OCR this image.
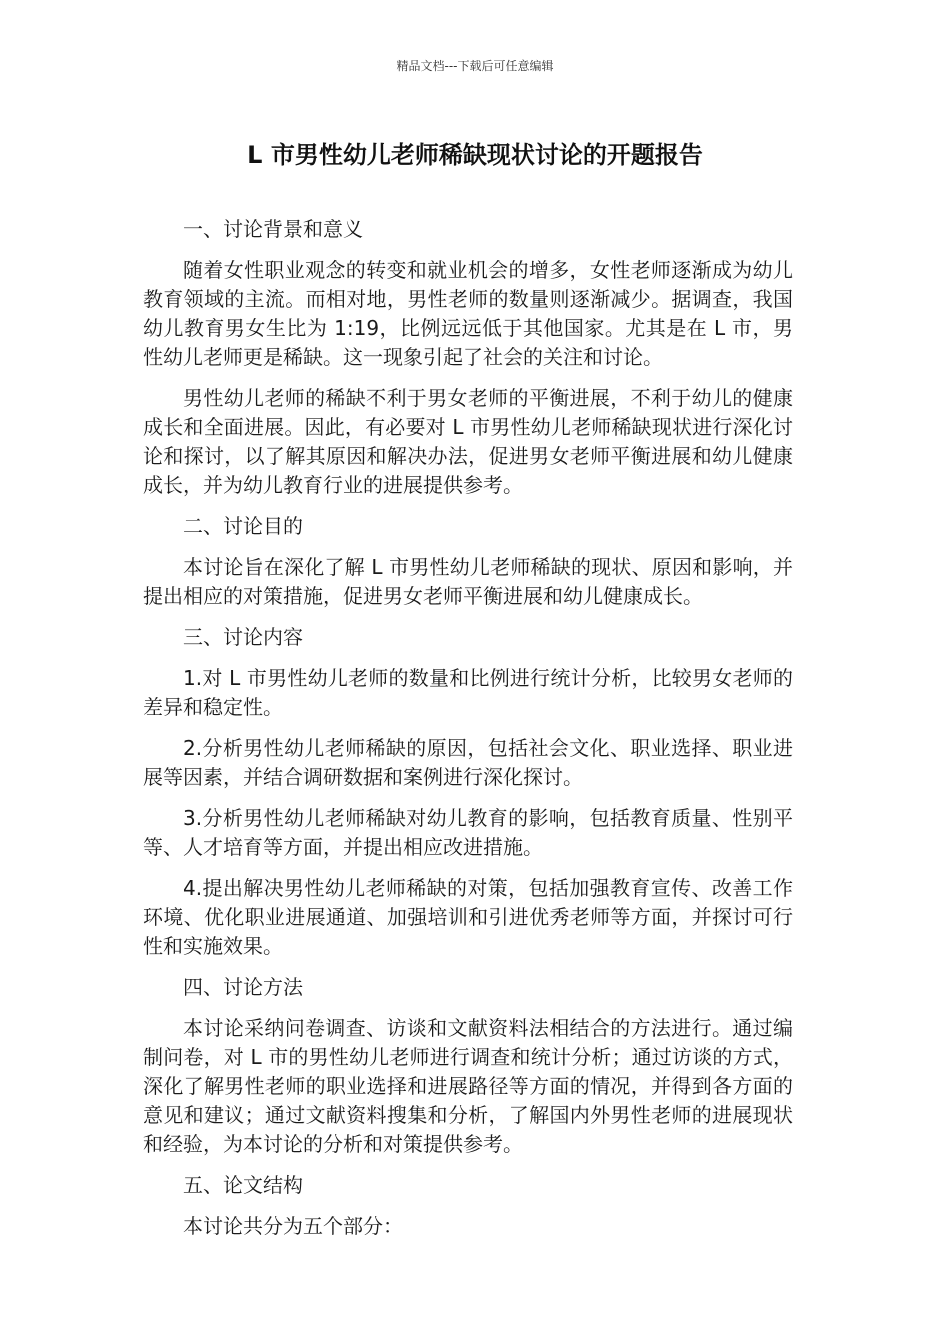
精品文档---下载后可任意编辑
L 市男性幼儿老师稀缺现状讨论的开题报告

一、讨论背景和意义

随着女性职业观念的转变和就业机会的增多，女性老师逐渐成为幼儿教育领域的主流。而相对地，男性老师的数量则逐渐减少。据调查，我国幼儿教育男女生比为 1:19，比例远远低于其他国家。尤其是在 L 市，男性幼儿老师更是稀缺。这一现象引起了社会的关注和讨论。

男性幼儿老师的稀缺不利于男女老师的平衡进展，不利于幼儿的健康成长和全面进展。因此，有必要对 L 市男性幼儿老师稀缺现状进行深化讨论和探讨，以了解其原因和解决办法，促进男女老师平衡进展和幼儿健康成长，并为幼儿教育行业的进展提供参考。

二、讨论目的

本讨论旨在深化了解 L 市男性幼儿老师稀缺的现状、原因和影响，并提出相应的对策措施，促进男女老师平衡进展和幼儿健康成长。

三、讨论内容

1.对 L 市男性幼儿老师的数量和比例进行统计分析，比较男女老师的差异和稳定性。

2.分析男性幼儿老师稀缺的原因，包括社会文化、职业选择、职业进展等因素，并结合调研数据和案例进行深化探讨。

3.分析男性幼儿老师稀缺对幼儿教育的影响，包括教育质量、性别平等、人才培育等方面，并提出相应改进措施。

4.提出解决男性幼儿老师稀缺的对策，包括加强教育宣传、改善工作环境、优化职业进展通道、加强培训和引进优秀老师等方面，并探讨可行性和实施效果。

四、讨论方法

本讨论采纳问卷调查、访谈和文献资料法相结合的方法进行。通过编制问卷，对 L 市的男性幼儿老师进行调查和统计分析；通过访谈的方式，深化了解男性老师的职业选择和进展路径等方面的情况，并得到各方面的意见和建议；通过文献资料搜集和分析，了解国内外男性老师的进展现状和经验，为本讨论的分析和对策提供参考。

五、论文结构

本讨论共分为五个部分：
